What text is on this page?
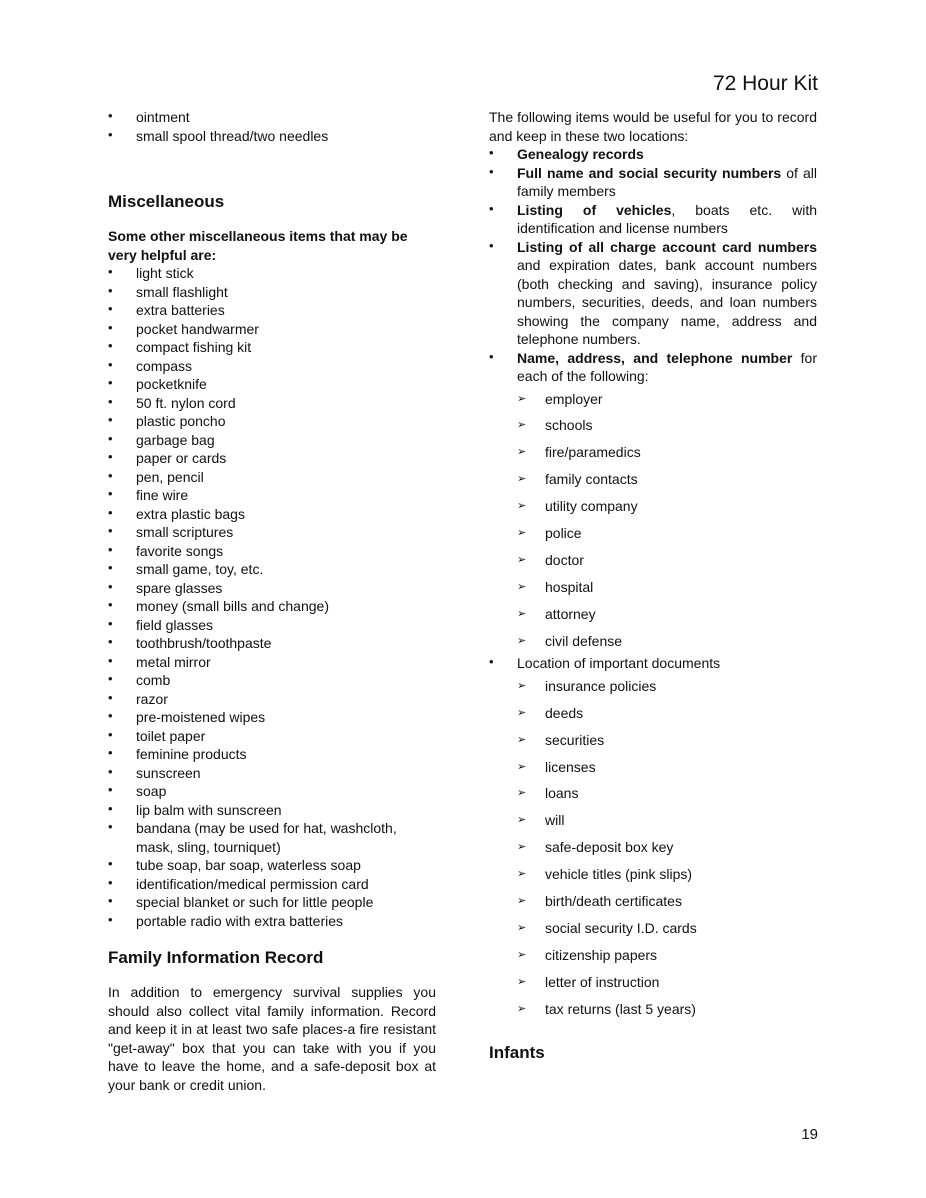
72 Hour Kit
• ointment
• small spool thread/two needles
Miscellaneous
Some other miscellaneous items that may be very helpful are:
• light stick
• small flashlight
• extra batteries
• pocket handwarmer
• compact fishing kit
• compass
• pocketknife
• 50 ft. nylon cord
• plastic poncho
• garbage bag
• paper or cards
• pen, pencil
• fine wire
• extra plastic bags
• small scriptures
• favorite songs
• small game, toy, etc.
• spare glasses
• money (small bills and change)
• field glasses
• toothbrush/toothpaste
• metal mirror
• comb
• razor
• pre-moistened wipes
• toilet paper
• feminine products
• sunscreen
• soap
• lip balm with sunscreen
• bandana (may be used for hat, washcloth, mask, sling, tourniquet)
• tube soap, bar soap, waterless soap
• identification/medical permission card
• special blanket or such for little people
• portable radio with extra batteries
Family Information Record
In addition to emergency survival supplies you should also collect vital family information. Record and keep it in at least two safe places-a fire resistant "get-away" box that you can take with you if you have to leave the home, and a safe-deposit box at your bank or credit union.
The following items would be useful for you to record and keep in these two locations:
• Genealogy records
• Full name and social security numbers of all family members
• Listing of vehicles, boats etc. with identification and license numbers
• Listing of all charge account card numbers and expiration dates, bank account numbers (both checking and saving), insurance policy numbers, securities, deeds, and loan numbers showing the company name, address and telephone numbers.
• Name, address, and telephone number for each of the following:
➢ employer
➢ schools
➢ fire/paramedics
➢ family contacts
➢ utility company
➢ police
➢ doctor
➢ hospital
➢ attorney
➢ civil defense
• Location of important documents
➢ insurance policies
➢ deeds
➢ securities
➢ licenses
➢ loans
➢ will
➢ safe-deposit box key
➢ vehicle titles (pink slips)
➢ birth/death certificates
➢ social security I.D. cards
➢ citizenship papers
➢ letter of instruction
➢ tax returns (last 5 years)
Infants
19
